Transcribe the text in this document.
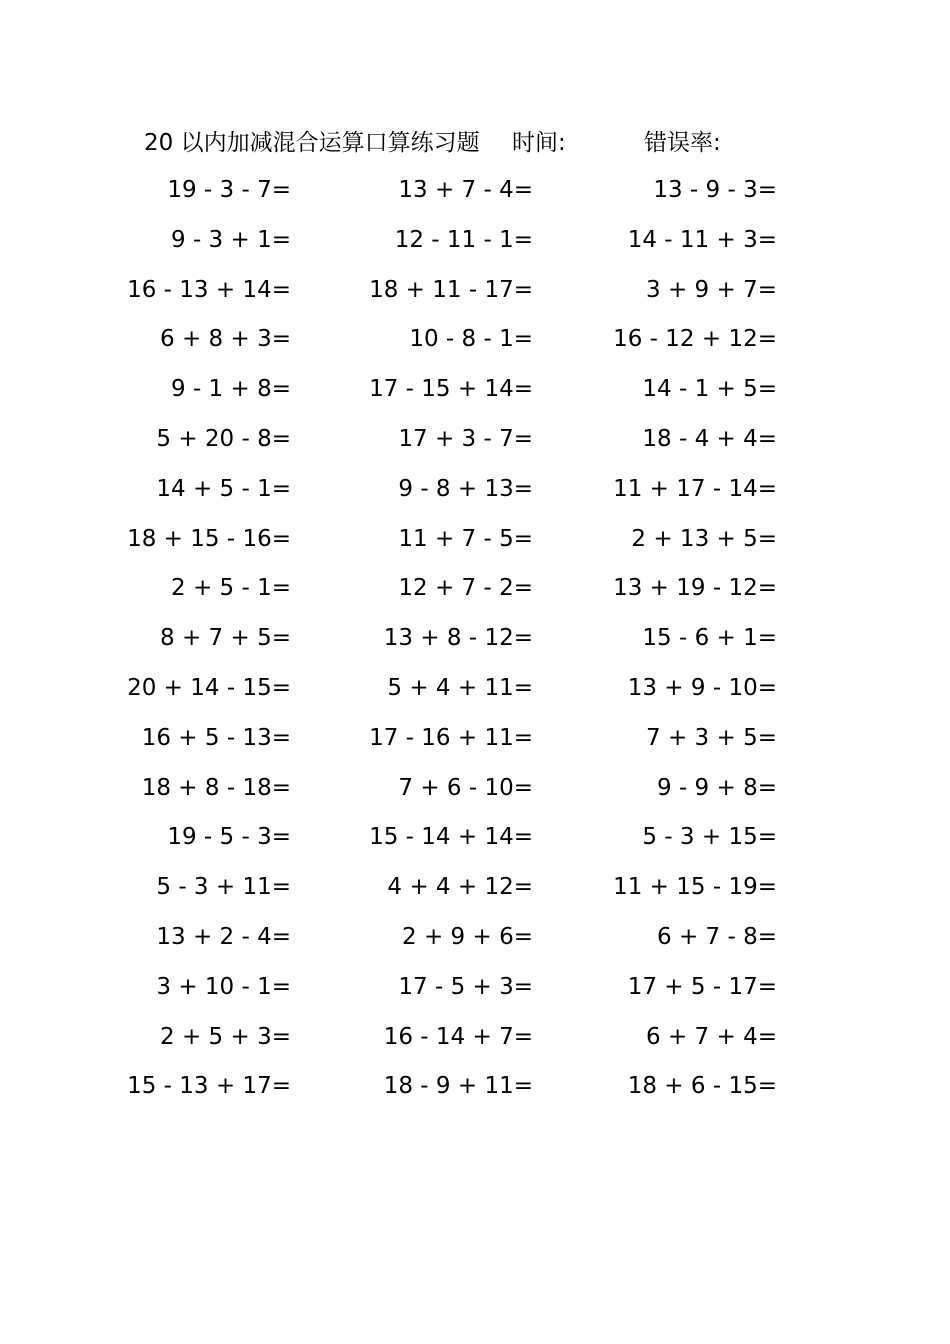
20 以内加减混合运算口算练习题 时间:	错误率:
19 - 3 - 7=	13 + 7 - 4=	13 - 9 - 3=
9 - 3 + 1=	12 - 11 - 1=	14 - 11 + 3=
16 - 13 + 14=	18 + 11 - 17=	3 + 9 + 7=
6 + 8 + 3=	10 - 8 - 1=	16 - 12 + 12=
9 - 1 + 8=	17 - 15 + 14=	14 - 1 + 5=
5 + 20 - 8=	17 + 3 - 7=	18 - 4 + 4=
14 + 5 - 1=	9 - 8 + 13=	11 + 17 - 14=
18 + 15 - 16=	11 + 7 - 5=	2 + 13 + 5=
2 + 5 - 1=	12 + 7 - 2=	13 + 19 - 12=
8 + 7 + 5=	13 + 8 - 12=	15 - 6 + 1=
20 + 14 - 15=	5 + 4 + 11=	13 + 9 - 10=
16 + 5 - 13=	17 - 16 + 11=	7 + 3 + 5=
18 + 8 - 18=	7 + 6 - 10=	9 - 9 + 8=
19 - 5 - 3=	15 - 14 + 14=	5 - 3 + 15=
5 - 3 + 11=	4 + 4 + 12=	11 + 15 - 19=
13 + 2 - 4=	2 + 9 + 6=	6 + 7 - 8=
3 + 10 - 1=	17 - 5 + 3=	17 + 5 - 17=
2 + 5 + 3=	16 - 14 + 7=	6 + 7 + 4=
15 - 13 + 17=	18 - 9 + 11=	18 + 6 - 15=
